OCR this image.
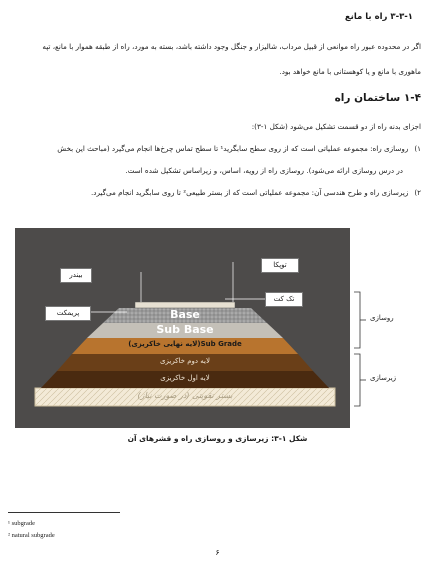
۳-۳-۱ راه با مانع
اگر در محدوده عبور راه موانعی از قبیل مرداب، شالیزار و جنگل وجود داشته باشد، بسته به مورد، راه از طبقه هموار با مانع، تپه
ماهوری با مانع و یا کوهستانی با مانع خواهد بود.
۱-۴ ساختمان راه
اجزای بدنه راه از دو قسمت تشکیل می‌شود (شکل ۱-۳):
۱)روسازی راه: مجموعه عملیاتی است که از روی سطح سابگرید¹ تا سطح تماس چرخ‌ها انجام می‌گیرد (مباحث این بخش
در درس روسازی ارائه می‌شود). روسازی راه از رویه، اساس، و زیراساس تشکیل شده است.
۲)زیرسازی راه و طرح هندسی آن: مجموعه عملیاتی است که از بستر طبیعی² تا روی سابگرید انجام می‌گیرد.
بیندر
توپکا
تک کت
پریمکت	Base
Sub Base
Sub Grade(لایه نهایی خاکریزی)
لایه دوم خاکریزی
لایه اول خاکریزی
بستر تقویتی (در صورت نیاز)
روسازی
زیرسازی
شکل ۱-۳: زیرسازی و روسازی راه و قشرهای آن
¹ subgrade
² natural subgrade
۶
